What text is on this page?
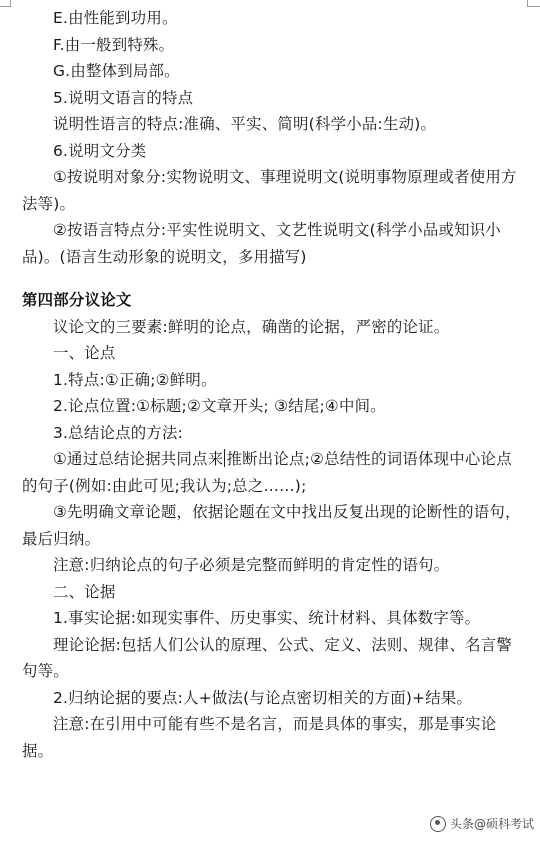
E.由性能到功用。

F.由一般到特殊。

G.由整体到局部。

5.说明文语言的特点

说明性语言的特点:准确、平实、简明(科学小品:生动)。

6.说明文分类

①按说明对象分:实物说明文、事理说明文(说明事物原理或者使用方法等)。

②按语言特点分:平实性说明文、文艺性说明文(科学小品或知识小品)。(语言生动形象的说明文，多用描写)

第四部分议论文

议论文的三要素:鲜明的论点，确凿的论据，严密的论证。

一、论点

1.特点:①正确;②鲜明。

2.论点位置:①标题;②文章开头; ③结尾;④中间。

3.总结论点的方法:

①通过总结论据共同点来 推断出论点;②总结性的词语体现中心论点的句子(例如:由此可见;我认为;总之……);

③先明确文章论题，依据论题在文中找出反复出现的论断性的语句，最后归纳。

注意:归纳论点的句子必须是完整而鲜明的肯定性的语句。

二、论据

1.事实论据:如现实事件、历史事实、统计材料、具体数字等。

理论论据:包括人们公认的原理、公式、定义、法则、规律、名言警句等。

2.归纳论据的要点:人+做法(与论点密切相关的方面)+结果。

注意:在引用中可能有些不是名言，而是具体的事实，那是事实论据。

头条@硕科考试
